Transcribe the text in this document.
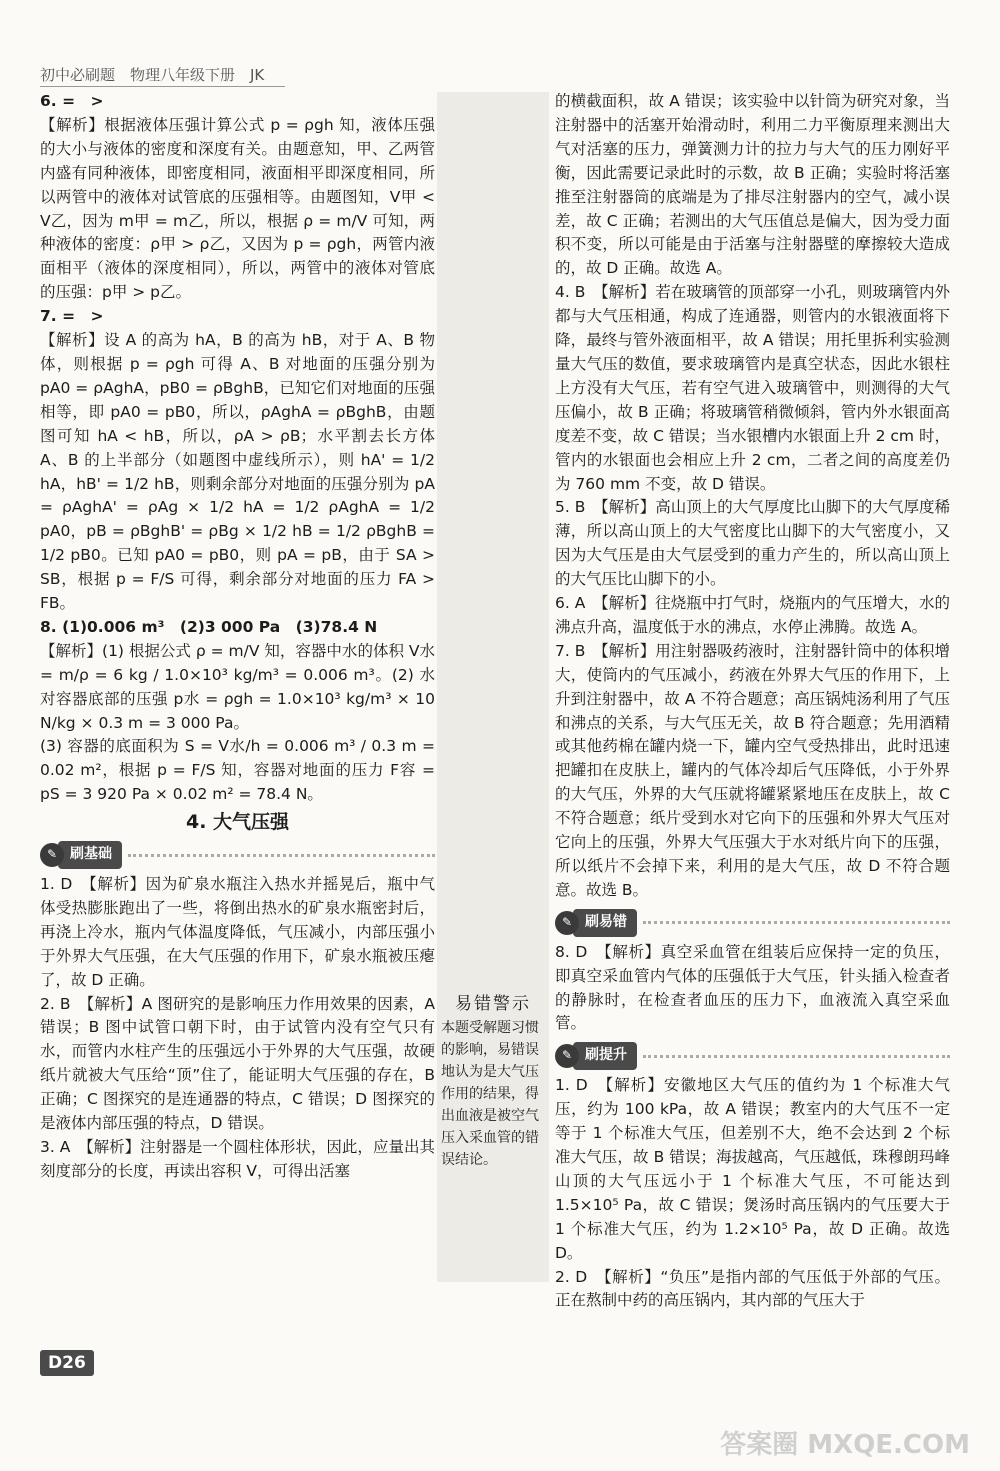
初中必刷题　物理八年级下册　JK

6. =　>

【解析】根据液体压强计算公式 p = ρgh 知，液体压强的大小与液体的密度和深度有关。由题意知，甲、乙两管内盛有同种液体，即密度相同，液面相平即深度相同，所以两管中的液体对试管底的压强相等。由题图知，V甲 < V乙，因为 m甲 = m乙，所以，根据 ρ = m/V 可知，两种液体的密度：ρ甲 > ρ乙，又因为 p = ρgh，两管内液面相平（液体的深度相同），所以，两管中的液体对管底的压强：p甲 > p乙。

7. =　>

【解析】设 A 的高为 hA，B 的高为 hB，对于 A、B 物体，则根据 p = ρgh 可得 A、B 对地面的压强分别为 pA0 = ρAghA，pB0 = ρBghB，已知它们对地面的压强相等，即 pA0 = pB0，所以，ρAghA = ρBghB，由题图可知 hA < hB，所以，ρA > ρB；水平割去长方体 A、B 的上半部分（如题图中虚线所示），则 hA' = 1/2 hA，hB' = 1/2 hB，则剩余部分对地面的压强分别为 pA = ρAghA' = ρAg × 1/2 hA = 1/2 ρAghA = 1/2 pA0，pB = ρBghB' = ρBg × 1/2 hB = 1/2 ρBghB = 1/2 pB0。已知 pA0 = pB0，则 pA = pB，由于 SA > SB，根据 p = F/S 可得，剩余部分对地面的压力 FA > FB。

8. (1)0.006 m³　(2)3 000 Pa　(3)78.4 N

【解析】(1) 根据公式 ρ = m/V 知，容器中水的体积 V水 = m/ρ = 6 kg / 1.0×10³ kg/m³ = 0.006 m³。(2) 水对容器底部的压强 p水 = ρgh = 1.0×10³ kg/m³ × 10 N/kg × 0.3 m = 3 000 Pa。

(3) 容器的底面积为 S = V水/h = 0.006 m³ / 0.3 m = 0.02 m²，根据 p = F/S 知，容器对地面的压力 F容 = pS = 3 920 Pa × 0.02 m² = 78.4 N。

4. 大气压强
✎ 刷基础

1. D　【解析】因为矿泉水瓶注入热水并摇晃后，瓶中气体受热膨胀跑出了一些，将倒出热水的矿泉水瓶密封后，再浇上冷水，瓶内气体温度降低，气压减小，内部压强小于外界大气压强，在大气压强的作用下，矿泉水瓶被压瘪了，故 D 正确。

2. B　【解析】A 图研究的是影响压力作用效果的因素，A 错误；B 图中试管口朝下时，由于试管内没有空气只有水，而管内水柱产生的压强远小于外界的大气压强，故硬纸片就被大气压给“顶”住了，能证明大气压强的存在，B 正确；C 图探究的是连通器的特点，C 错误；D 图探究的是液体内部压强的特点，D 错误。

3. A　【解析】注射器是一个圆柱体形状，因此，应量出其刻度部分的长度，再读出容积 V，可得出活塞

易错警示
本题受解题习惯的影响，易错误地认为是大气压作用的结果，得出血液是被空气压入采血管的错误结论。

的横截面积，故 A 错误；该实验中以针筒为研究对象，当注射器中的活塞开始滑动时，利用二力平衡原理来测出大气对活塞的压力，弹簧测力计的拉力与大气的压力刚好平衡，因此需要记录此时的示数，故 B 正确；实验时将活塞推至注射器筒的底端是为了排尽注射器内的空气，减小误差，故 C 正确；若测出的大气压值总是偏大，因为受力面积不变，所以可能是由于活塞与注射器壁的摩擦较大造成的，故 D 正确。故选 A。

4. B　【解析】若在玻璃管的顶部穿一小孔，则玻璃管内外都与大气压相通，构成了连通器，则管内的水银液面将下降，最终与管外液面相平，故 A 错误；用托里拆利实验测量大气压的数值，要求玻璃管内是真空状态，因此水银柱上方没有大气压，若有空气进入玻璃管中，则测得的大气压偏小，故 B 正确；将玻璃管稍微倾斜，管内外水银面高度差不变，故 C 错误；当水银槽内水银面上升 2 cm 时，管内的水银面也会相应上升 2 cm，二者之间的高度差仍为 760 mm 不变，故 D 错误。

5. B　【解析】高山顶上的大气厚度比山脚下的大气厚度稀薄，所以高山顶上的大气密度比山脚下的大气密度小，又因为大气压是由大气层受到的重力产生的，所以高山顶上的大气压比山脚下的小。

6. A　【解析】往烧瓶中打气时，烧瓶内的气压增大，水的沸点升高，温度低于水的沸点，水停止沸腾。故选 A。

7. B　【解析】用注射器吸药液时，注射器针筒中的体积增大，使筒内的气压减小，药液在外界大气压的作用下，上升到注射器中，故 A 不符合题意；高压锅炖汤利用了气压和沸点的关系，与大气压无关，故 B 符合题意；先用酒精或其他药棉在罐内烧一下，罐内空气受热排出，此时迅速把罐扣在皮肤上，罐内的气体冷却后气压降低，小于外界的大气压，外界的大气压就将罐紧紧地压在皮肤上，故 C 不符合题意；纸片受到水对它向下的压强和外界大气压对它向上的压强，外界大气压强大于水对纸片向下的压强，所以纸片不会掉下来，利用的是大气压，故 D 不符合题意。故选 B。

✎ 刷易错

8. D　【解析】真空采血管在组装后应保持一定的负压，即真空采血管内气体的压强低于大气压，针头插入检查者的静脉时，在检查者血压的压力下，血液流入真空采血管。

✎ 刷提升

1. D　【解析】安徽地区大气压的值约为 1 个标准大气压，约为 100 kPa，故 A 错误；教室内的大气压不一定等于 1 个标准大气压，但差别不大，绝不会达到 2 个标准大气压，故 B 错误；海拔越高，气压越低，珠穆朗玛峰山顶的大气压远小于 1 个标准大气压，不可能达到 1.5×10⁵ Pa，故 C 错误；煲汤时高压锅内的气压要大于 1 个标准大气压，约为 1.2×10⁵ Pa，故 D 正确。故选 D。

2. D　【解析】“负压”是指内部的气压低于外部的气压。正在熬制中药的高压锅内，其内部的气压大于

D26
答案圈 MXQE.COM
